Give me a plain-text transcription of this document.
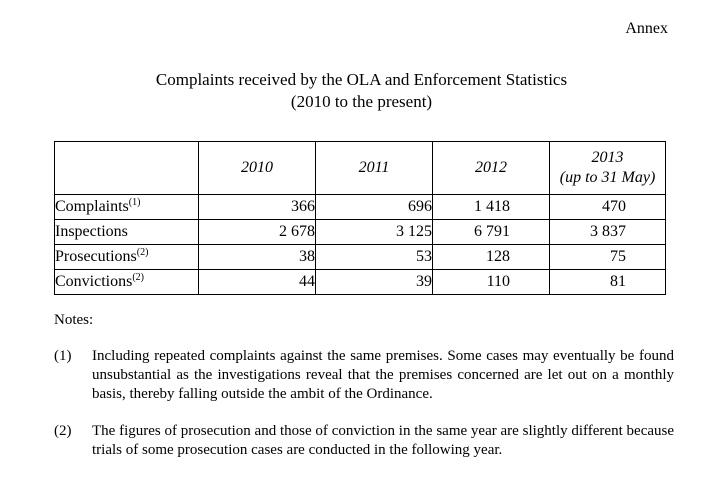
Annex
Complaints received by the OLA and Enforcement Statistics
(2010 to the present)
	2010	2011	2012	2013
(up to 31 May)

Complaints$^{(1)}$	366	696	1 418	470
Inspections	2 678	3 125	6 791	3 837
Prosecutions$^{(2)}$	38	53	128	75
Convictions$^{(2)}$	44	39	110	81
Notes:
(1) Including repeated complaints against the same premises. Some cases may eventually be found unsubstantial as the investigations reveal that the premises concerned are let out on a monthly basis, thereby falling outside the ambit of the Ordinance.
(2) The figures of prosecution and those of conviction in the same year are slightly different because trials of some prosecution cases are conducted in the following year.
